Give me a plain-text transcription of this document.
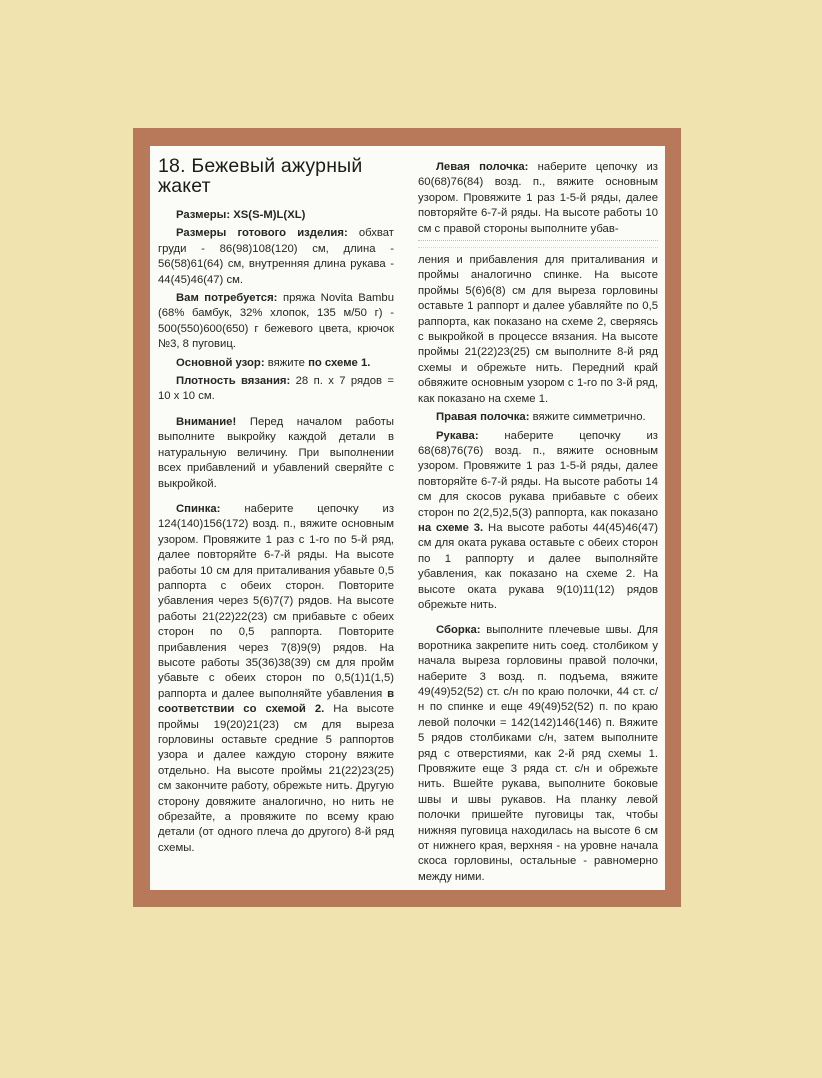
18. Бежевый ажурный жакет

Размеры: XS(S-M)L(XL)

Размеры готового изделия: обхват груди - 86(98)108(120) см, длина - 56(58)61(64) см, внутренняя длина рукава - 44(45)46(47) см.

Вам потребуется: пряжа Novita Bambu (68% бамбук, 32% хлопок, 135 м/50 г) - 500(550)600(650) г бежевого цвета, крючок №3, 8 пуговиц.

Основной узор: вяжите по схеме 1.

Плотность вязания: 28 п. х 7 рядов = 10 х 10 см.

Внимание! Перед началом работы выполните выкройку каждой детали в натуральную величину. При выполнении всех прибавлений и убавлений сверяйте с выкройкой.

Спинка: наберите цепочку из 124(140)156(172) возд. п., вяжите основным узором. Провяжите 1 раз с 1-го по 5-й ряд, далее повторяйте 6-7-й ряды. На высоте работы 10 см для приталивания убавьте 0,5 раппорта с обеих сторон. Повторите убавления через 5(6)7(7) рядов. На высоте работы 21(22)22(23) см прибавьте с обеих сторон по 0,5 раппорта. Повторите прибавления через 7(8)9(9) рядов. На высоте работы 35(36)38(39) см для пройм убавьте с обеих сторон по 0,5(1)1(1,5) раппорта и далее выполняйте убавления в соответствии со схемой 2. На высоте проймы 19(20)21(23) см для выреза горловины оставьте средние 5 раппортов узора и далее каждую сторону вяжите отдельно. На высоте проймы 21(22)23(25) см закончите работу, обрежьте нить. Другую сторону довяжите аналогично, но нить не обрезайте, а провяжите по всему краю детали (от одного плеча до другого) 8-й ряд схемы.

Левая полочка: наберите цепочку из 60(68)76(84) возд. п., вяжите основным узором. Провяжите 1 раз 1-5-й ряды, далее повторяйте 6-7-й ряды. На высоте работы 10 см с правой стороны выполните убав-

ления и прибавления для приталивания и проймы аналогично спинке. На высоте проймы 5(6)6(8) см для выреза горловины оставьте 1 раппорт и далее убавляйте по 0,5 раппорта, как показано на схеме 2, сверяясь с выкройкой в процессе вязания. На высоте проймы 21(22)23(25) см выполните 8-й ряд схемы и обрежьте нить. Передний край обвяжите основным узором с 1-го по 3-й ряд, как показано на схеме 1.

Правая полочка: вяжите симметрично.

Рукава: наберите цепочку из 68(68)76(76) возд. п., вяжите основным узором. Провяжите 1 раз 1-5-й ряды, далее повторяйте 6-7-й ряды. На высоте работы 14 см для скосов рукава прибавьте с обеих сторон по 2(2,5)2,5(3) раппорта, как показано на схеме 3. На высоте работы 44(45)46(47) см для оката рукава оставьте с обеих сторон по 1 раппорту и далее выполняйте убавления, как показано на схеме 2. На высоте оката рукава 9(10)11(12) рядов обрежьте нить.

Сборка: выполните плечевые швы. Для воротника закрепите нить соед. столбиком у начала выреза горловины правой полочки, наберите 3 возд. п. подъема, вяжите 49(49)52(52) ст. с/н по краю полочки, 44 ст. с/н по спинке и еще 49(49)52(52) п. по краю левой полочки = 142(142)146(146) п. Вяжите 5 рядов столбиками с/н, затем выполните ряд с отверстиями, как 2-й ряд схемы 1. Провяжите еще 3 ряда ст. с/н и обрежьте нить. Вшейте рукава, выполните боковые швы и швы рукавов. На планку левой полочки пришейте пуговицы так, чтобы нижняя пуговица находилась на высоте 6 см от нижнего края, верхняя - на уровне начала скоса горловины, остальные - равномерно между ними.
